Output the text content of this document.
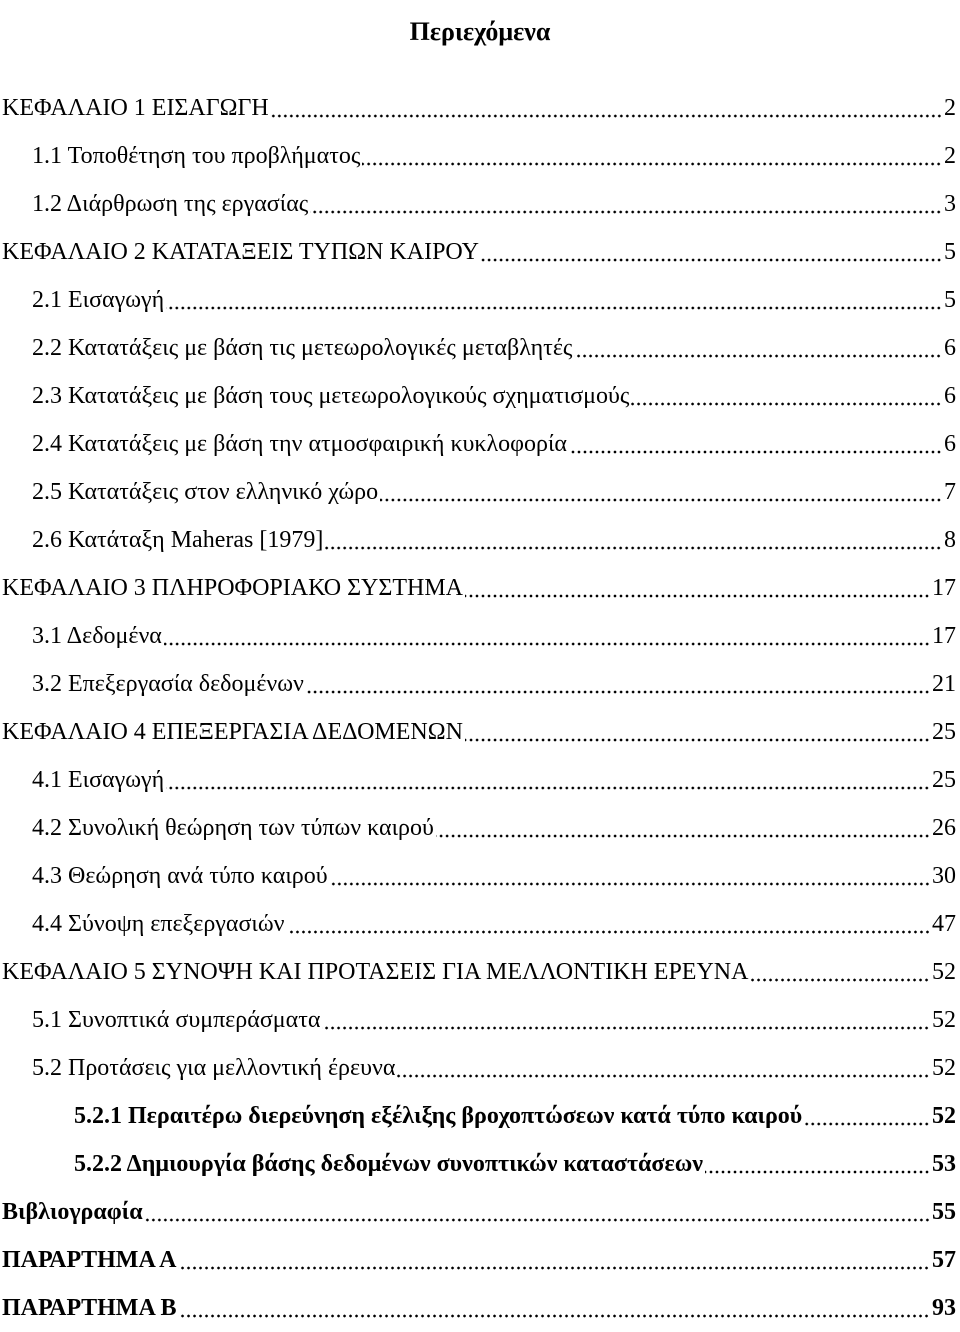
Περιεχόμενα
ΚΕΦΑΛΑΙΟ 1 ΕΙΣΑΓΩΓΗ	2
1.1 Τοποθέτηση του προβλήματος	2
1.2 Διάρθρωση της εργασίας	3
ΚΕΦΑΛΑΙΟ 2 ΚΑΤΑΤΑΞΕΙΣ ΤΥΠΩΝ ΚΑΙΡΟΥ	5
2.1 Εισαγωγή	5
2.2 Κατατάξεις με βάση τις μετεωρολογικές μεταβλητές	6
2.3 Κατατάξεις με βάση τους μετεωρολογικούς σχηματισμούς	6
2.4 Κατατάξεις με βάση την ατμοσφαιρική κυκλοφορία	6
2.5 Κατατάξεις στον ελληνικό χώρο	7
2.6 Κατάταξη Maheras [1979]	8
ΚΕΦΑΛΑΙΟ 3 ΠΛΗΡΟΦΟΡΙΑΚΟ ΣΥΣΤΗΜΑ	17
3.1 Δεδομένα	17
3.2 Επεξεργασία δεδομένων	21
ΚΕΦΑΛΑΙΟ 4 ΕΠΕΞΕΡΓΑΣΙΑ ΔΕΔΟΜΕΝΩΝ	25
4.1 Εισαγωγή	25
4.2 Συνολική θεώρηση των τύπων καιρού	26
4.3 Θεώρηση ανά τύπο καιρού	30
4.4 Σύνοψη επεξεργασιών	47
ΚΕΦΑΛΑΙΟ 5 ΣΥΝΟΨΗ ΚΑΙ ΠΡΟΤΑΣΕΙΣ ΓΙΑ ΜΕΛΛΟΝΤΙΚΗ ΕΡΕΥΝΑ	52
5.1 Συνοπτικά συμπεράσματα	52
5.2 Προτάσεις για μελλοντική έρευνα	52
5.2.1 Περαιτέρω διερεύνηση εξέλιξης βροχοπτώσεων κατά τύπο καιρού	52
5.2.2 Δημιουργία βάσης δεδομένων συνοπτικών καταστάσεων	53
Βιβλιογραφία	55
ΠΑΡΑΡΤΗΜΑ Α	57
ΠΑΡΑΡΤΗΜΑ Β	93
